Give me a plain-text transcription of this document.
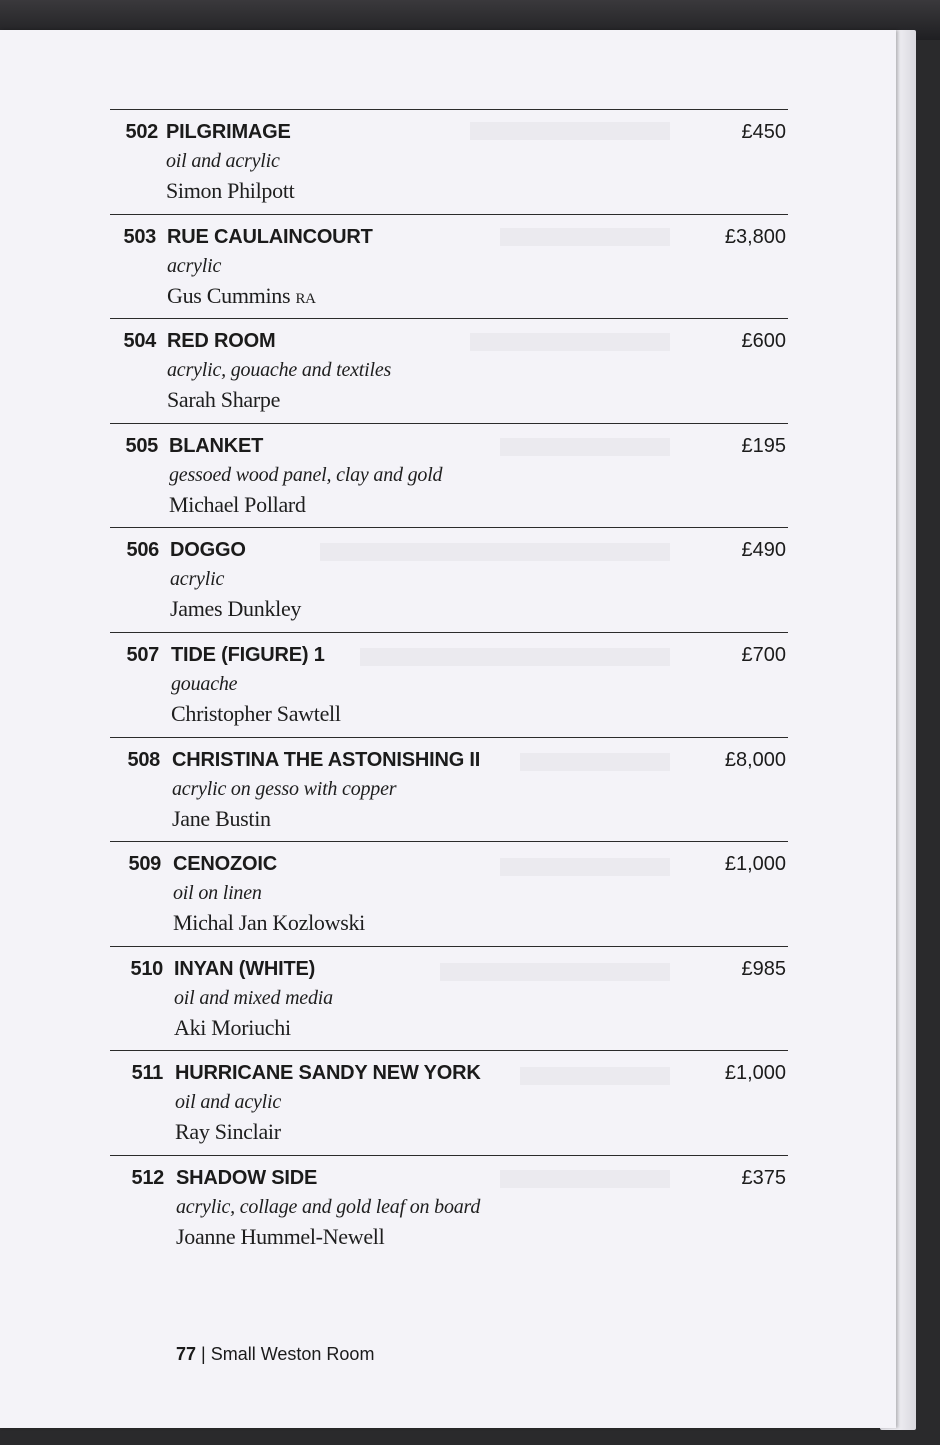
502 PILGRIMAGE
oil and acrylic
Simon Philpott
£450
503 RUE CAULAINCOURT
acrylic
Gus Cummins ra
£3,800
504 RED ROOM
acrylic, gouache and textiles
Sarah Sharpe
£600
505 BLANKET
gessoed wood panel, clay and gold
Michael Pollard
£195
506 DOGGO
acrylic
James Dunkley
£490
507 TIDE (FIGURE) 1
gouache
Christopher Sawtell
£700
508 CHRISTINA THE ASTONISHING II
acrylic on gesso with copper
Jane Bustin
£8,000
509 CENOZOIC
oil on linen
Michal Jan Kozlowski
£1,000
510 INYAN (WHITE)
oil and mixed media
Aki Moriuchi
£985
511 HURRICANE SANDY NEW YORK
oil and acylic
Ray Sinclair
£1,000
512 SHADOW SIDE
acrylic, collage and gold leaf on board
Joanne Hummel-Newell
£375
77 | Small Weston Room
